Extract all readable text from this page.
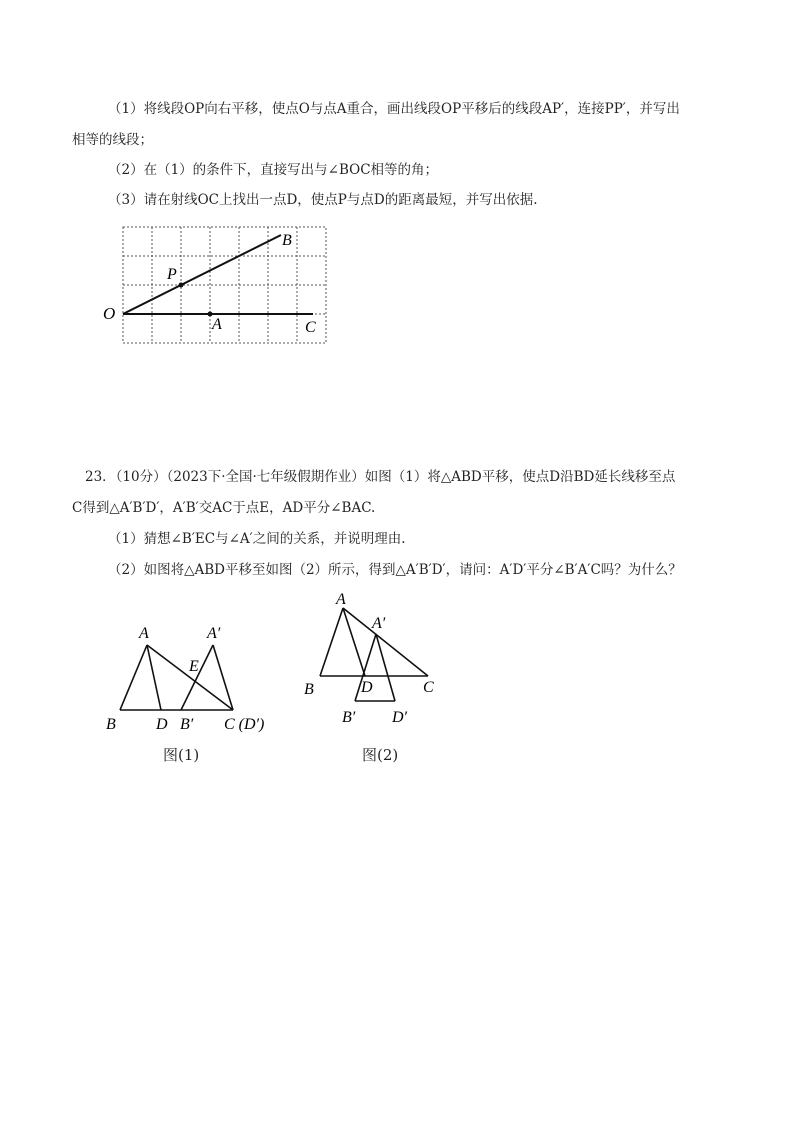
（1）将线段OP向右平移，使点O与点A重合，画出线段OP平移后的线段AP′，连接PP′，并写出
相等的线段；
（2）在（1）的条件下，直接写出与∠BOC相等的角；
（3）请在射线OC上找出一点D，使点P与点D的距离最短，并写出依据.
O
P
B
A	C
23．（10分）（2023下·全国·七年级假期作业）如图（1）将△ABD平移，使点D沿BD延长线移至点
C得到△A′B′D′，A′B′交AC于点E，AD平分∠BAC.
（1）猜想∠B′EC与∠A′之间的关系，并说明理由.
（2）如图将△ABD平移至如图（2）所示，得到△A′B′D′，请问：A′D′平分∠B′A′C吗？为什么？
A	A′
E
B	D B′ C (D′)
图(1)
A
A′
B	D	C
B′ D′
图(2)
